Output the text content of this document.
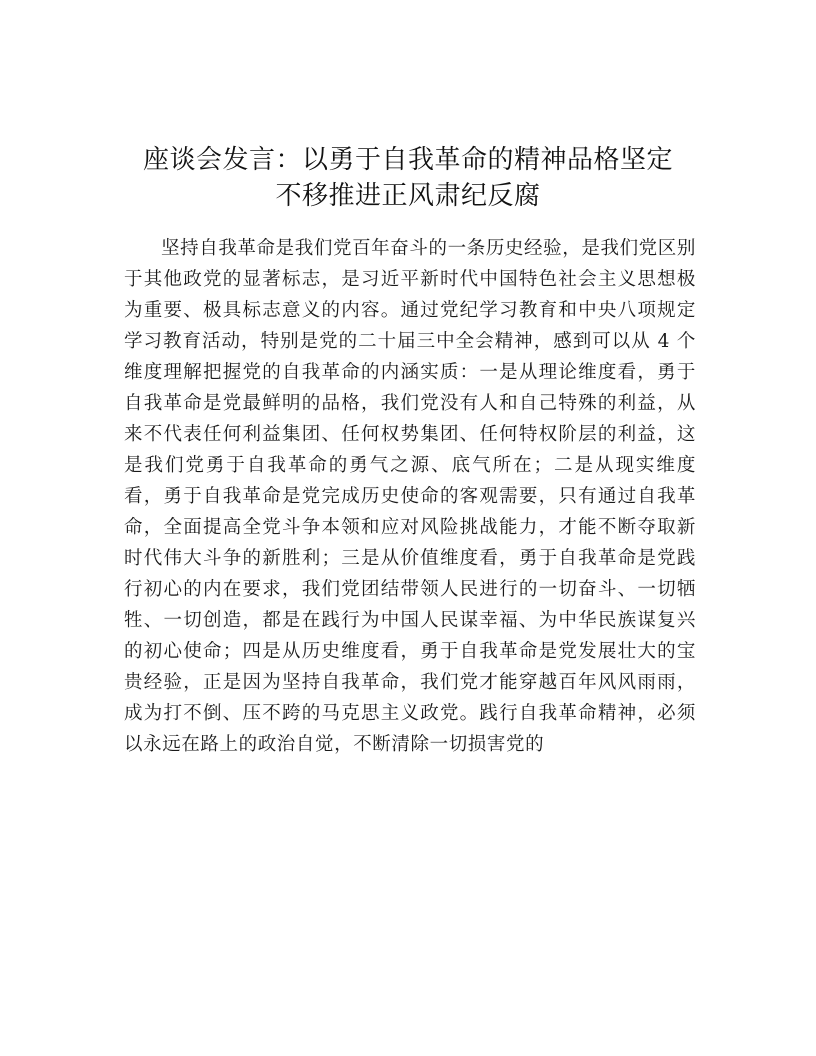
座谈会发言：以勇于自我革命的精神品格坚定
不移推进正风肃纪反腐

坚持自我革命是我们党百年奋斗的一条历史经验，是我们党区别于其他政党的显著标志，是习近平新时代中国特色社会主义思想极为重要、极具标志意义的内容。通过党纪学习教育和中央八项规定学习教育活动，特别是党的二十届三中全会精神，感到可以从 4 个维度理解把握党的自我革命的内涵实质：一是从理论维度看，勇于自我革命是党最鲜明的品格，我们党没有人和自己特殊的利益，从来不代表任何利益集团、任何权势集团、任何特权阶层的利益，这是我们党勇于自我革命的勇气之源、底气所在；二是从现实维度看，勇于自我革命是党完成历史使命的客观需要，只有通过自我革命，全面提高全党斗争本领和应对风险挑战能力，才能不断夺取新时代伟大斗争的新胜利；三是从价值维度看，勇于自我革命是党践行初心的内在要求，我们党团结带领人民进行的一切奋斗、一切牺牲、一切创造，都是在践行为中国人民谋幸福、为中华民族谋复兴的初心使命；四是从历史维度看，勇于自我革命是党发展壮大的宝贵经验，正是因为坚持自我革命，我们党才能穿越百年风风雨雨，成为打不倒、压不跨的马克思主义政党。践行自我革命精神，必须以永远在路上的政治自觉，不断清除一切损害党的
